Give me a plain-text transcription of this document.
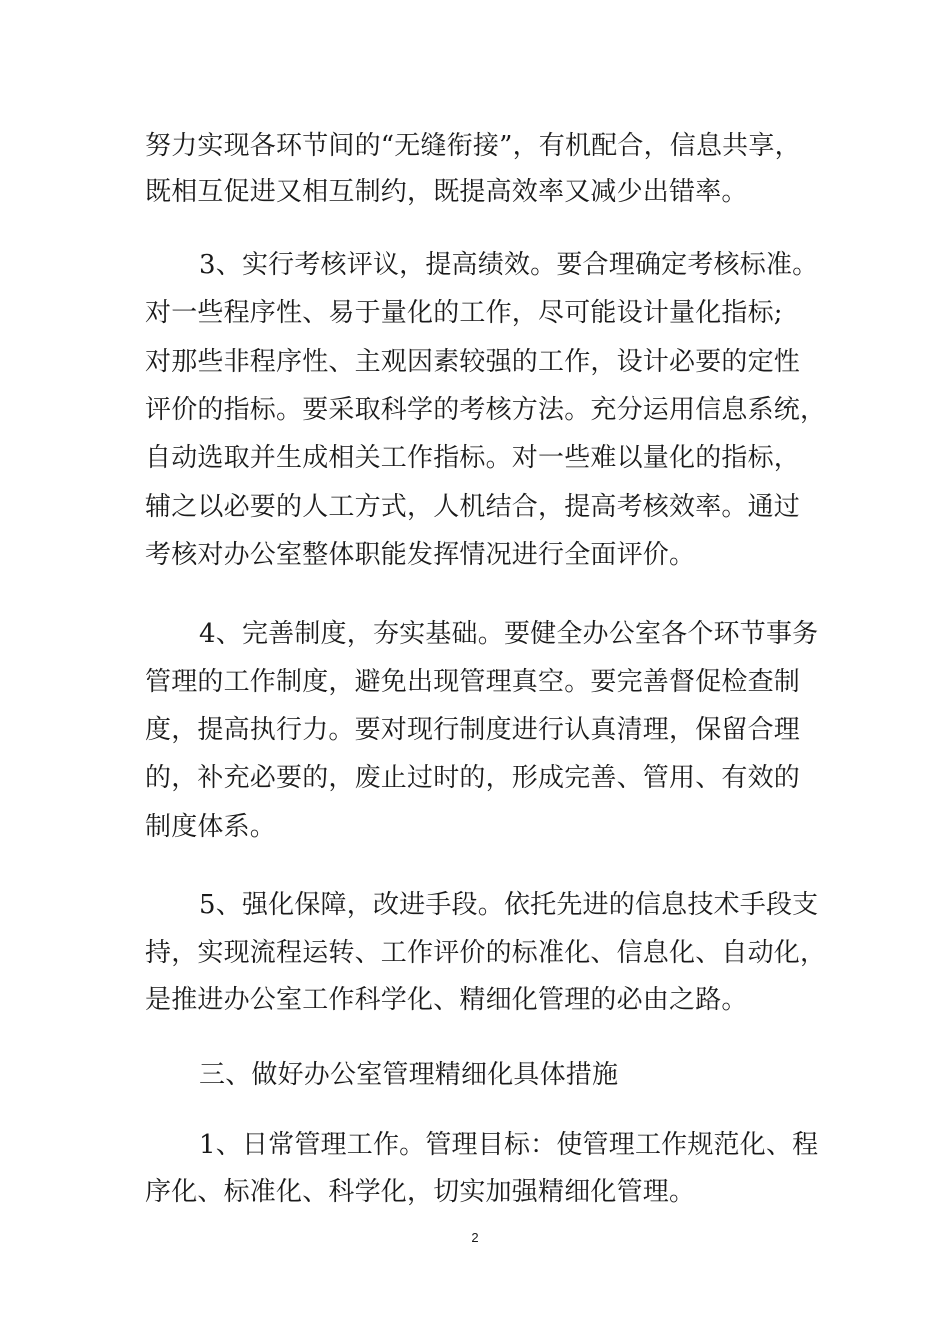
努力实现各环节间的“无缝衔接”，有机配合，信息共享，
既相互促进又相互制约，既提高效率又减少出错率。
3、实行考核评议，提高绩效。要合理确定考核标准。
对一些程序性、易于量化的工作，尽可能设计量化指标;
对那些非程序性、主观因素较强的工作，设计必要的定性
评价的指标。要采取科学的考核方法。充分运用信息系统，
自动选取并生成相关工作指标。对一些难以量化的指标，
辅之以必要的人工方式，人机结合，提高考核效率。通过
考核对办公室整体职能发挥情况进行全面评价。
4、完善制度，夯实基础。要健全办公室各个环节事务
管理的工作制度，避免出现管理真空。要完善督促检查制
度，提高执行力。要对现行制度进行认真清理，保留合理
的，补充必要的，废止过时的，形成完善、管用、有效的
制度体系。
5、强化保障，改进手段。依托先进的信息技术手段支
持，实现流程运转、工作评价的标准化、信息化、自动化，
是推进办公室工作科学化、精细化管理的必由之路。
三、做好办公室管理精细化具体措施
1、日常管理工作。管理目标：使管理工作规范化、程
序化、标准化、科学化，切实加强精细化管理。
2
